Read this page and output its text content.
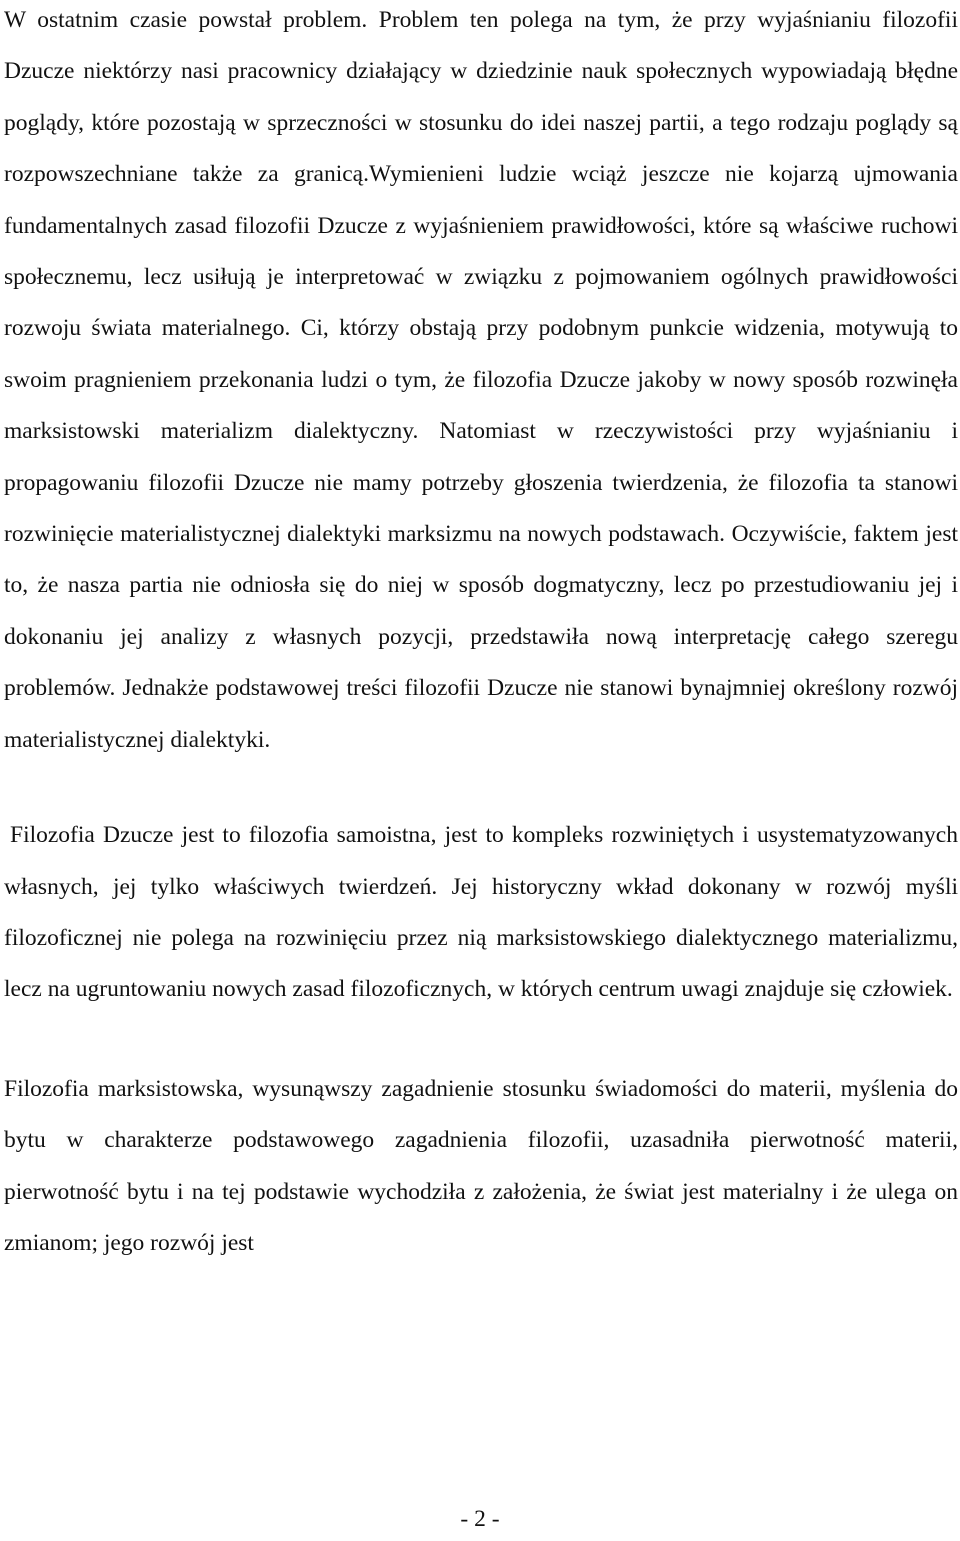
W ostatnim czasie powstał problem. Problem ten polega na tym, że przy wyjaśnianiu filozofii Dzucze niektórzy nasi pracownicy działający w dziedzinie nauk społecznych wypowiadają błędne poglądy, które pozostają w sprzeczności w stosunku do idei naszej partii, a tego rodzaju poglądy są rozpowszechniane także za granicą.Wymienieni ludzie wciąż jeszcze nie kojarzą ujmowania fundamentalnych zasad filozofii Dzucze z wyjaśnieniem prawidłowości, które są właściwe ruchowi społecznemu, lecz usiłują je interpretować w związku z pojmowaniem ogólnych prawidłowości rozwoju świata materialnego. Ci, którzy obstają przy podobnym punkcie widzenia, motywują to swoim pragnieniem przekonania ludzi o tym, że filozofia Dzucze jakoby w nowy sposób rozwinęła marksistowski materializm dialektyczny. Natomiast w rzeczywistości przy wyjaśnianiu i propagowaniu filozofii Dzucze nie mamy potrzeby głoszenia twierdzenia, że filozofia ta stanowi rozwinięcie materialistycznej dialektyki marksizmu na nowych podstawach. Oczywiście, faktem jest to, że nasza partia nie odniosła się do niej w sposób dogmatyczny, lecz po przestudiowaniu jej i dokonaniu jej analizy z własnych pozycji, przedstawiła nową interpretację całego szeregu problemów. Jednakże podstawowej treści filozofii Dzucze nie stanowi bynajmniej określony rozwój materialistycznej dialektyki.

Filozofia Dzucze jest to filozofia samoistna, jest to kompleks rozwiniętych i usystematyzowanych własnych, jej tylko właściwych twierdzeń. Jej historyczny wkład dokonany w rozwój myśli filozoficznej nie polega na rozwinięciu przez nią marksistowskiego dialektycznego materializmu, lecz na ugruntowaniu nowych zasad filozoficznych, w których centrum uwagi znajduje się człowiek.

Filozofia marksistowska, wysunąwszy zagadnienie stosunku świadomości do materii, myślenia do bytu w charakterze podstawowego zagadnienia filozofii, uzasadniła pierwotność materii, pierwotność bytu i na tej podstawie wychodziła z założenia, że świat jest materialny i że ulega on zmianom; jego rozwój jest

- 2 -
